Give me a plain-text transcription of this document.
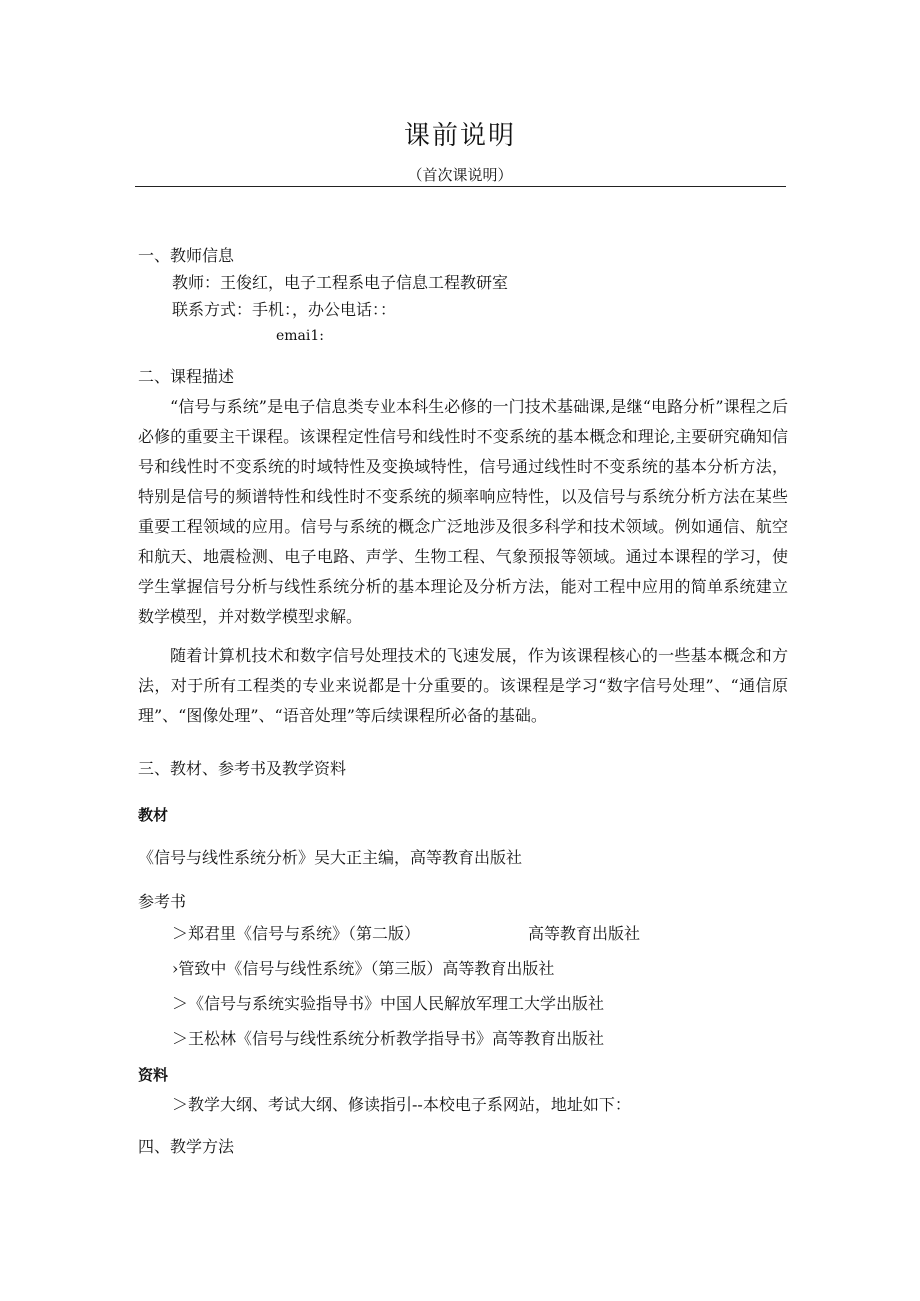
课前说明
（首次课说明）
一、教师信息
教师：王俊红，电子工程系电子信息工程教研室
联系方式：手机：，办公电话：：
emai1:
二、课程描述

“信号与系统”是电子信息类专业本科生必修的一门技术基础课,是继“电路分析”课程之后必修的重要主干课程。该课程定性信号和线性时不变系统的基本概念和理论,主要研究确知信号和线性时不变系统的时域特性及变换域特性，信号通过线性时不变系统的基本分析方法，特别是信号的频谱特性和线性时不变系统的频率响应特性，以及信号与系统分析方法在某些重要工程领域的应用。信号与系统的概念广泛地涉及很多科学和技术领域。例如通信、航空和航天、地震检测、电子电路、声学、生物工程、气象预报等领域。通过本课程的学习，使学生掌握信号分析与线性系统分析的基本理论及分析方法，能对工程中应用的简单系统建立数学模型，并对数学模型求解。

随着计算机技术和数字信号处理技术的飞速发展，作为该课程核心的一些基本概念和方法，对于所有工程类的专业来说都是十分重要的。该课程是学习“数字信号处理”、“通信原理”、“图像处理”、“语音处理”等后续课程所必备的基础。

三、教材、参考书及教学资料
教材
《信号与线性系统分析》吴大正主编，高等教育出版社
参考书
＞郑君里《信号与系统》（第二版）	高等教育出版社
›管致中《信号与线性系统》（第三版）高等教育出版社
＞《信号与系统实验指导书》中国人民解放军理工大学出版社
＞王松林《信号与线性系统分析教学指导书》高等教育出版社
资料
＞教学大纲、考试大纲、修读指引--本校电子系网站，地址如下：
四、教学方法
